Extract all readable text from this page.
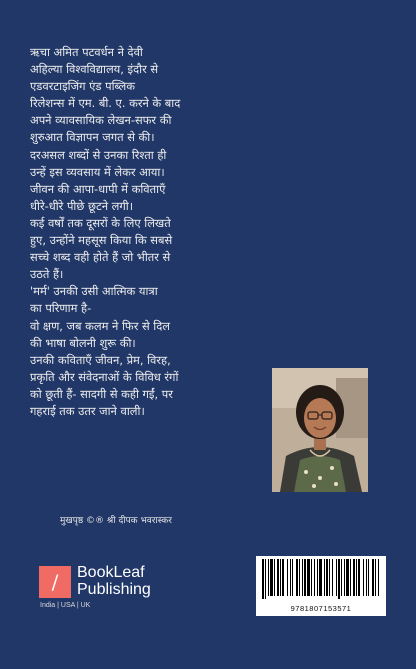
ऋचा अमित पटवर्धन ने देवी

अहिल्या विश्वविद्यालय, इंदौर से

एडवरटाइजिंग एंड पब्लिक

रिलेशन्स में एम. बी. ए. करने के बाद

अपने व्यावसायिक लेखन-सफर की

शुरुआत विज्ञापन जगत से की।

दरअसल शब्दों से उनका रिश्ता ही

उन्हें इस व्यवसाय में लेकर आया।

जीवन की आपा-धापी में कविताएँ

धीरे-धीरे पीछे छूटने लगी।

कई वर्षों तक दूसरों के लिए लिखते

हुए, उन्होंने महसूस किया कि सबसे

सच्चे शब्द वही होते हैं जो भीतर से

उठते हैं।

'मर्म' उनकी उसी आत्मिक यात्रा

का परिणाम है-

वो क्षण, जब कलम ने फिर से दिल

की भाषा बोलनी शुरू की।

उनकी कविताएँ जीवन, प्रेम, विरह,

प्रकृति और संवेदनाओं के विविध रंगों

को छूती हैं- सादगी से कही गईं, पर

गहराई तक उतर जाने वाली।

मुखपृष्ठ ©® श्री दीपक भवरास्कर
/	BookLeaf
Publishing
India | USA | UK	9781807153571
